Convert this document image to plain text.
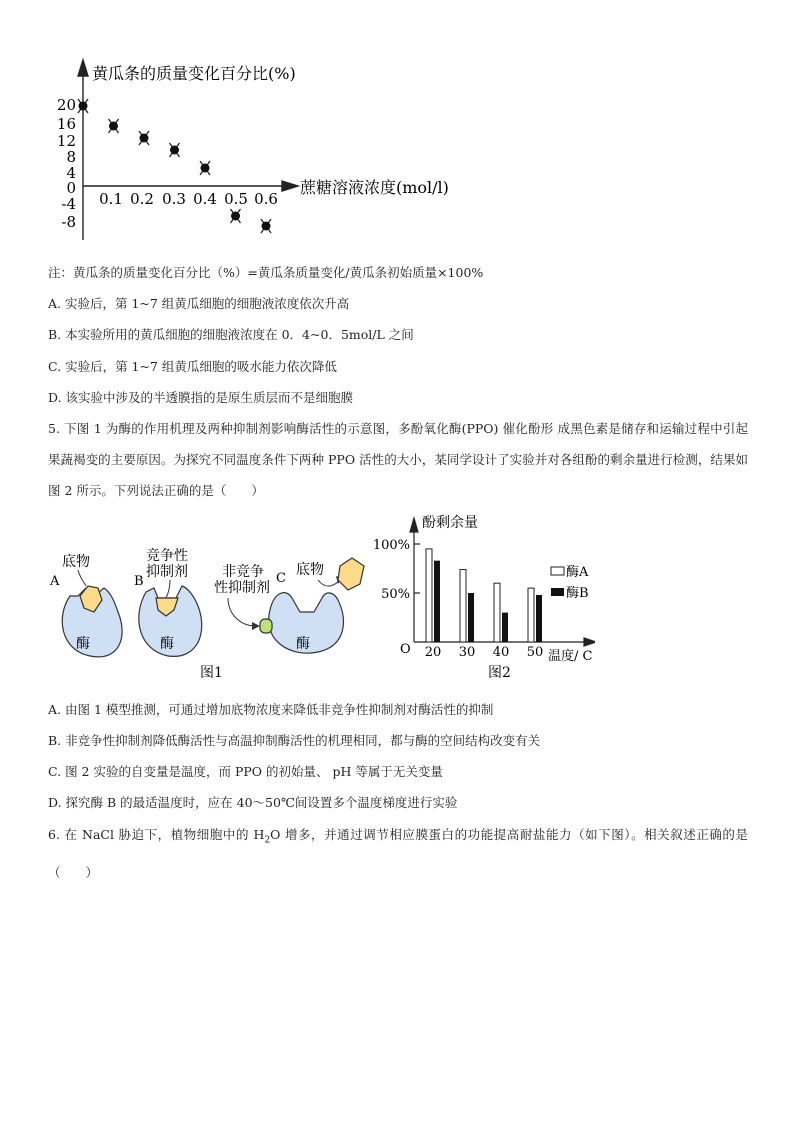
黄瓜条的质量变化百分比(%)
蔗糖溶液浓度(mol/l)
0.1 0.2 0.3 0.4 0.5 0.6
20
16
12
8
4
0
-4
-8

注：黄瓜条的质量变化百分比（%）=黄瓜条质量变化/黄瓜条初始质量×100%

A. 实验后，第 1~7 组黄瓜细胞的细胞液浓度依次升高

B. 本实验所用的黄瓜细胞的细胞液浓度在 0．4~0．5mol/L 之间

C. 实验后，第 1~7 组黄瓜细胞的吸水能力依次降低

D. 该实验中涉及的半透膜指的是原生质层而不是细胞膜

5. 下图 1 为酶的作用机理及两种抑制剂影响酶活性的示意图，多酚氧化酶(PPO) 催化酚形 成黑色素是储存和运输过程中引起果蔬褐变的主要原因。为探究不同温度条件下两种 PPO 活性的大小，某同学设计了实验并对各组酚的剩余量进行检测，结果如图 2 所示。下列说法正确的是（　　）

底物
A
酶
竞争性
抑制剂
B
酶
非竞争
性抑制剂
C
底物
酶
图1
酚剩余量
100%
50%
O	温度/ C
20 30 40 50
酶A
酶B
图2

A. 由图 1 模型推测，可通过增加底物浓度来降低非竞争性抑制剂对酶活性的抑制

B. 非竞争性抑制剂降低酶活性与高温抑制酶活性的机理相同，都与酶的空间结构改变有关

C. 图 2 实验的自变量是温度，而 PPO 的初始量、 pH 等属于无关变量

D. 探究酶 B 的最适温度时，应在 40～50℃间设置多个温度梯度进行实验

6. 在 NaCl 胁迫下，植物细胞中的 $H_2O$ 增多，并通过调节相应膜蛋白的功能提高耐盐能力（如下图）。相关叙述正确的是（　　）
